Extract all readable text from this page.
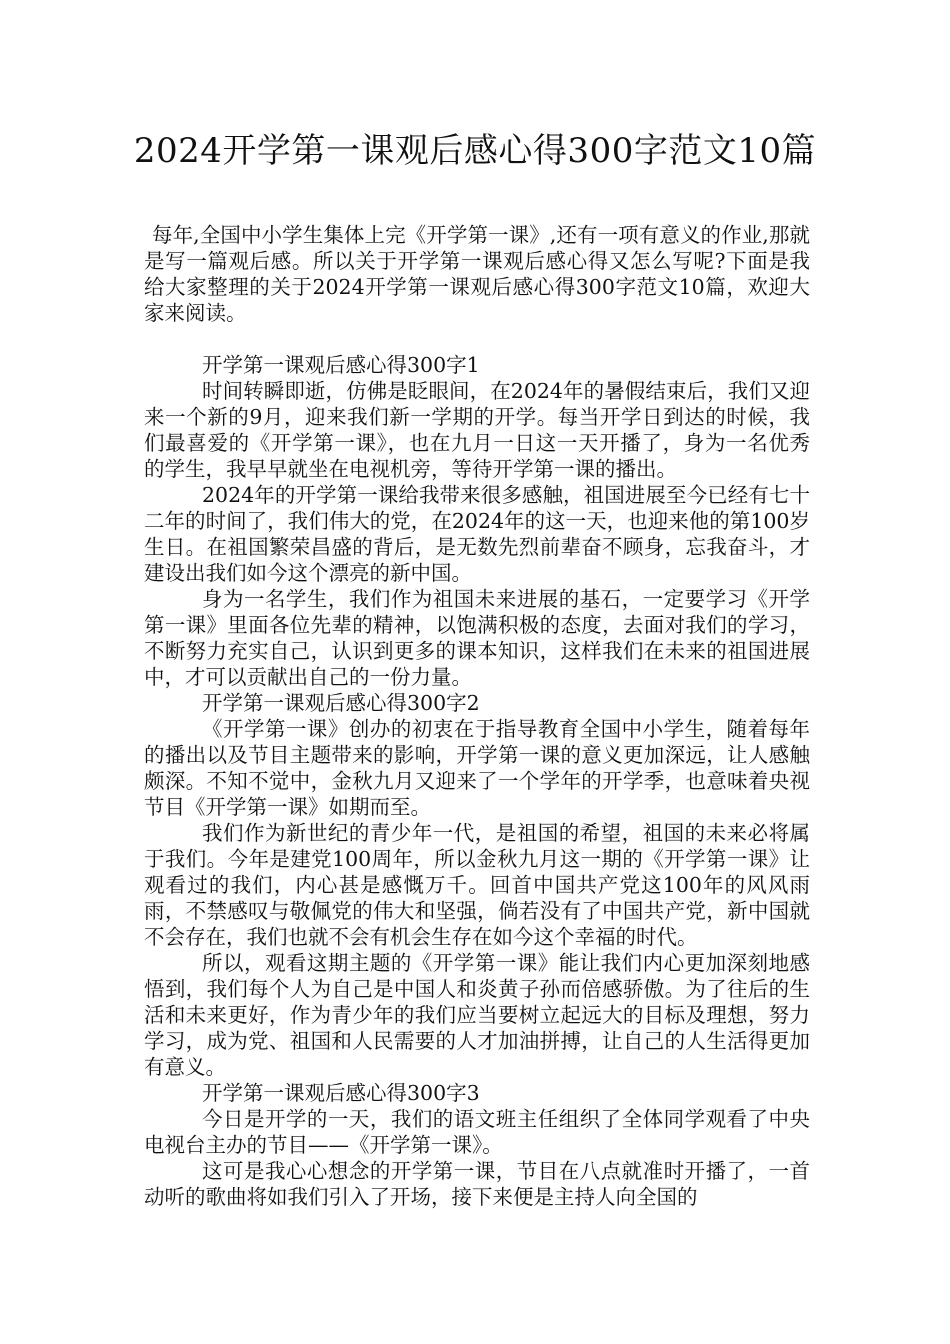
2024开学第一课观后感心得300字范文10篇

每年,全国中小学生集体上完《开学第一课》,还有一项有意义的作业,那就是写一篇观后感。所以关于开学第一课观后感心得又怎么写呢?下面是我给大家整理的关于2024开学第一课观后感心得300字范文10篇，欢迎大家来阅读。

开学第一课观后感心得300字1

时间转瞬即逝，仿佛是眨眼间，在2024年的暑假结束后，我们又迎来一个新的9月，迎来我们新一学期的开学。每当开学日到达的时候，我们最喜爱的《开学第一课》，也在九月一日这一天开播了，身为一名优秀的学生，我早早就坐在电视机旁，等待开学第一课的播出。

2024年的开学第一课给我带来很多感触，祖国进展至今已经有七十二年的时间了，我们伟大的党，在2024年的这一天，也迎来他的第100岁生日。在祖国繁荣昌盛的背后，是无数先烈前辈奋不顾身，忘我奋斗，才建设出我们如今这个漂亮的新中国。

身为一名学生，我们作为祖国未来进展的基石，一定要学习《开学第一课》里面各位先辈的精神，以饱满积极的态度，去面对我们的学习，不断努力充实自己，认识到更多的课本知识，这样我们在未来的祖国进展中，才可以贡献出自己的一份力量。

开学第一课观后感心得300字2

《开学第一课》创办的初衷在于指导教育全国中小学生，随着每年的播出以及节目主题带来的影响，开学第一课的意义更加深远，让人感触颇深。不知不觉中，金秋九月又迎来了一个学年的开学季，也意味着央视节目《开学第一课》如期而至。

我们作为新世纪的青少年一代，是祖国的希望，祖国的未来必将属于我们。今年是建党100周年，所以金秋九月这一期的《开学第一课》让观看过的我们，内心甚是感慨万千。回首中国共产党这100年的风风雨雨，不禁感叹与敬佩党的伟大和坚强，倘若没有了中国共产党，新中国就不会存在，我们也就不会有机会生存在如今这个幸福的时代。

所以，观看这期主题的《开学第一课》能让我们内心更加深刻地感悟到，我们每个人为自己是中国人和炎黄子孙而倍感骄傲。为了往后的生活和未来更好，作为青少年的我们应当要树立起远大的目标及理想，努力学习，成为党、祖国和人民需要的人才加油拼搏，让自己的人生活得更加有意义。

开学第一课观后感心得300字3

今日是开学的一天，我们的语文班主任组织了全体同学观看了中央电视台主办的节目——《开学第一课》。

这可是我心心想念的开学第一课，节目在八点就准时开播了，一首动听的歌曲将如我们引入了开场，接下来便是主持人向全国的
